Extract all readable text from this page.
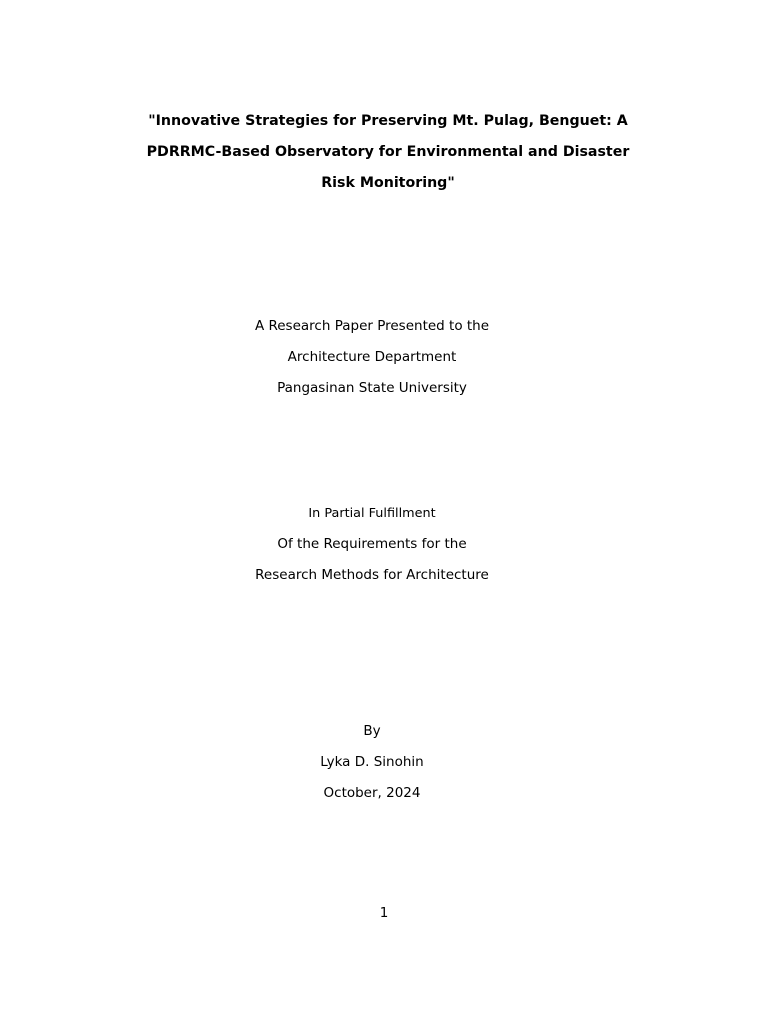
"Innovative Strategies for Preserving Mt. Pulag, Benguet: A
PDRRMC-Based Observatory for Environmental and Disaster
Risk Monitoring"
A Research Paper Presented to the
Architecture Department
Pangasinan State University
In Partial Fulfillment
Of the Requirements for the
Research Methods for Architecture
By
Lyka D. Sinohin
October, 2024
1
